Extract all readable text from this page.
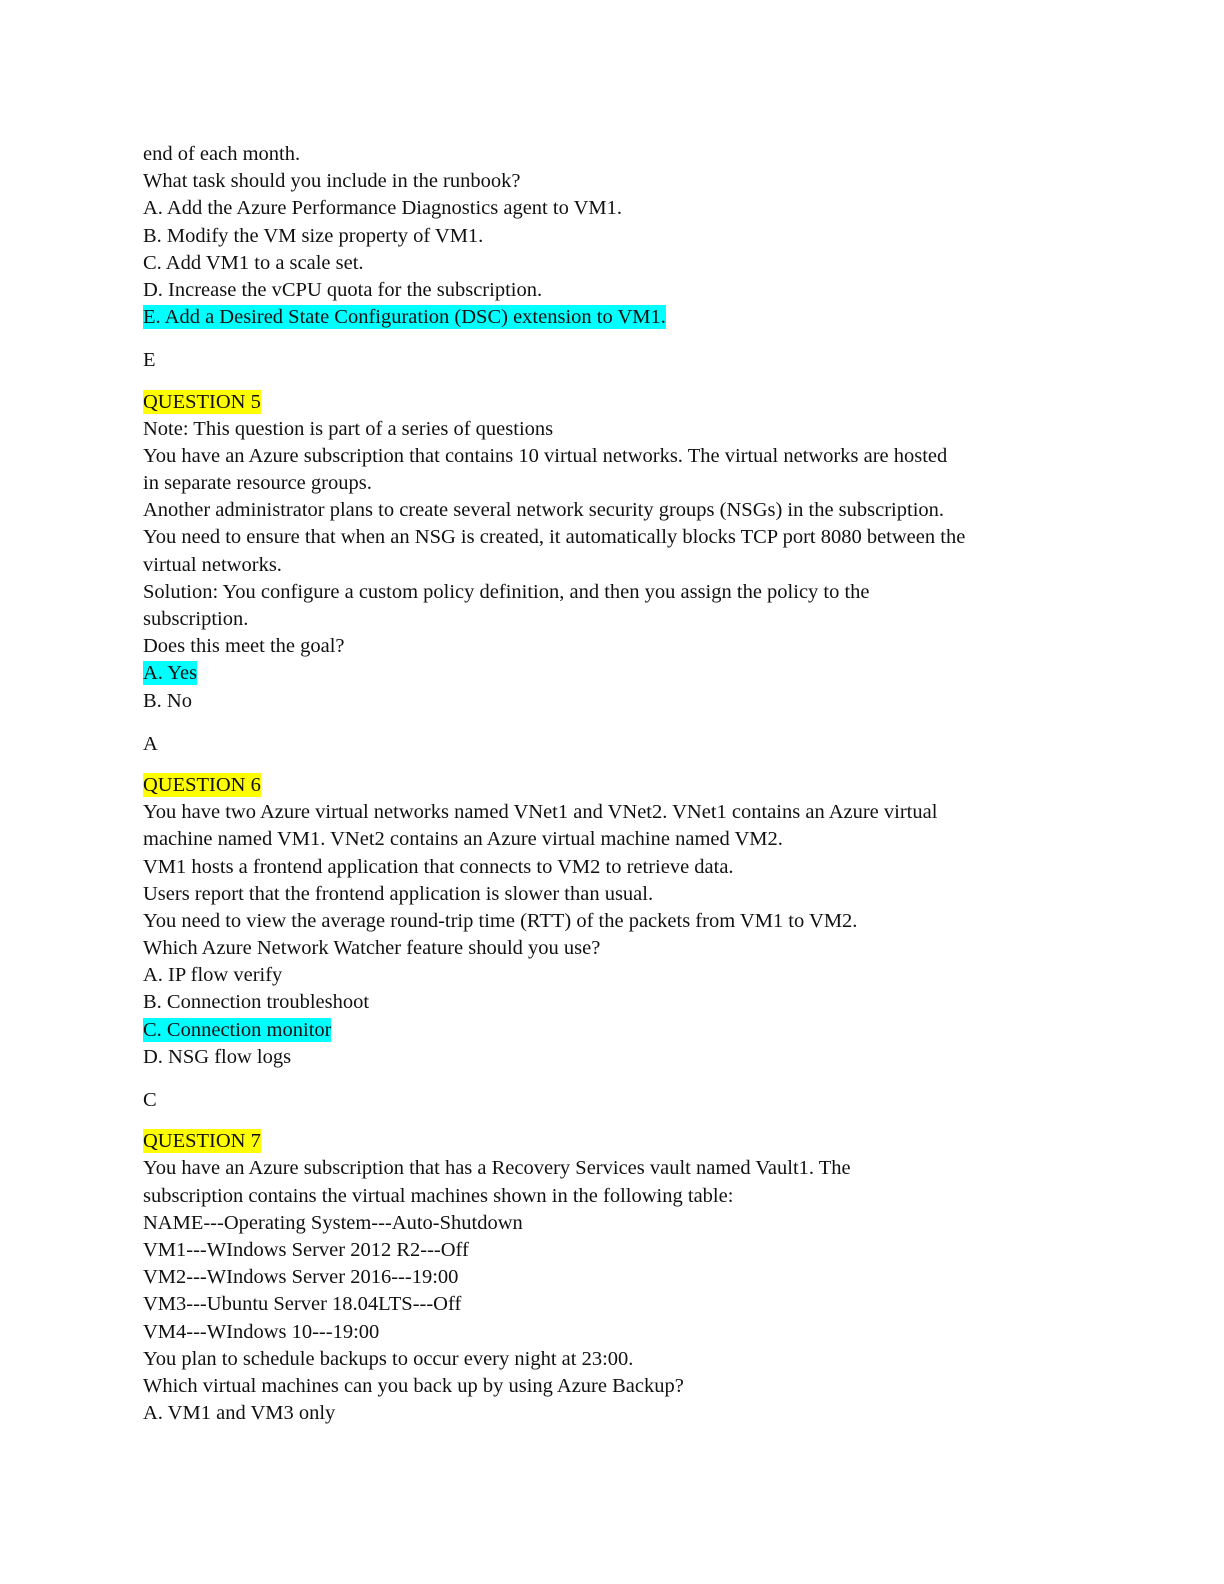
end of each month.
What task should you include in the runbook?
A. Add the Azure Performance Diagnostics agent to VM1.
B. Modify the VM size property of VM1.
C. Add VM1 to a scale set.
D. Increase the vCPU quota for the subscription.
E. Add a Desired State Configuration (DSC) extension to VM1.
E
QUESTION 5
Note: This question is part of a series of questions
You have an Azure subscription that contains 10 virtual networks. The virtual networks are hosted
in separate resource groups.
Another administrator plans to create several network security groups (NSGs) in the subscription.
You need to ensure that when an NSG is created, it automatically blocks TCP port 8080 between the
virtual networks.
Solution: You configure a custom policy definition, and then you assign the policy to the
subscription.
Does this meet the goal?
A. Yes
B. No
A
QUESTION 6
You have two Azure virtual networks named VNet1 and VNet2. VNet1 contains an Azure virtual
machine named VM1. VNet2 contains an Azure virtual machine named VM2.
VM1 hosts a frontend application that connects to VM2 to retrieve data.
Users report that the frontend application is slower than usual.
You need to view the average round-trip time (RTT) of the packets from VM1 to VM2.
Which Azure Network Watcher feature should you use?
A. IP flow verify
B. Connection troubleshoot
C. Connection monitor
D. NSG flow logs
C
QUESTION 7
You have an Azure subscription that has a Recovery Services vault named Vault1. The
subscription contains the virtual machines shown in the following table:
NAME---Operating System---Auto-Shutdown
VM1---WIndows Server 2012 R2---Off
VM2---WIndows Server 2016---19:00
VM3---Ubuntu Server 18.04LTS---Off
VM4---WIndows 10---19:00
You plan to schedule backups to occur every night at 23:00.
Which virtual machines can you back up by using Azure Backup?
A. VM1 and VM3 only
